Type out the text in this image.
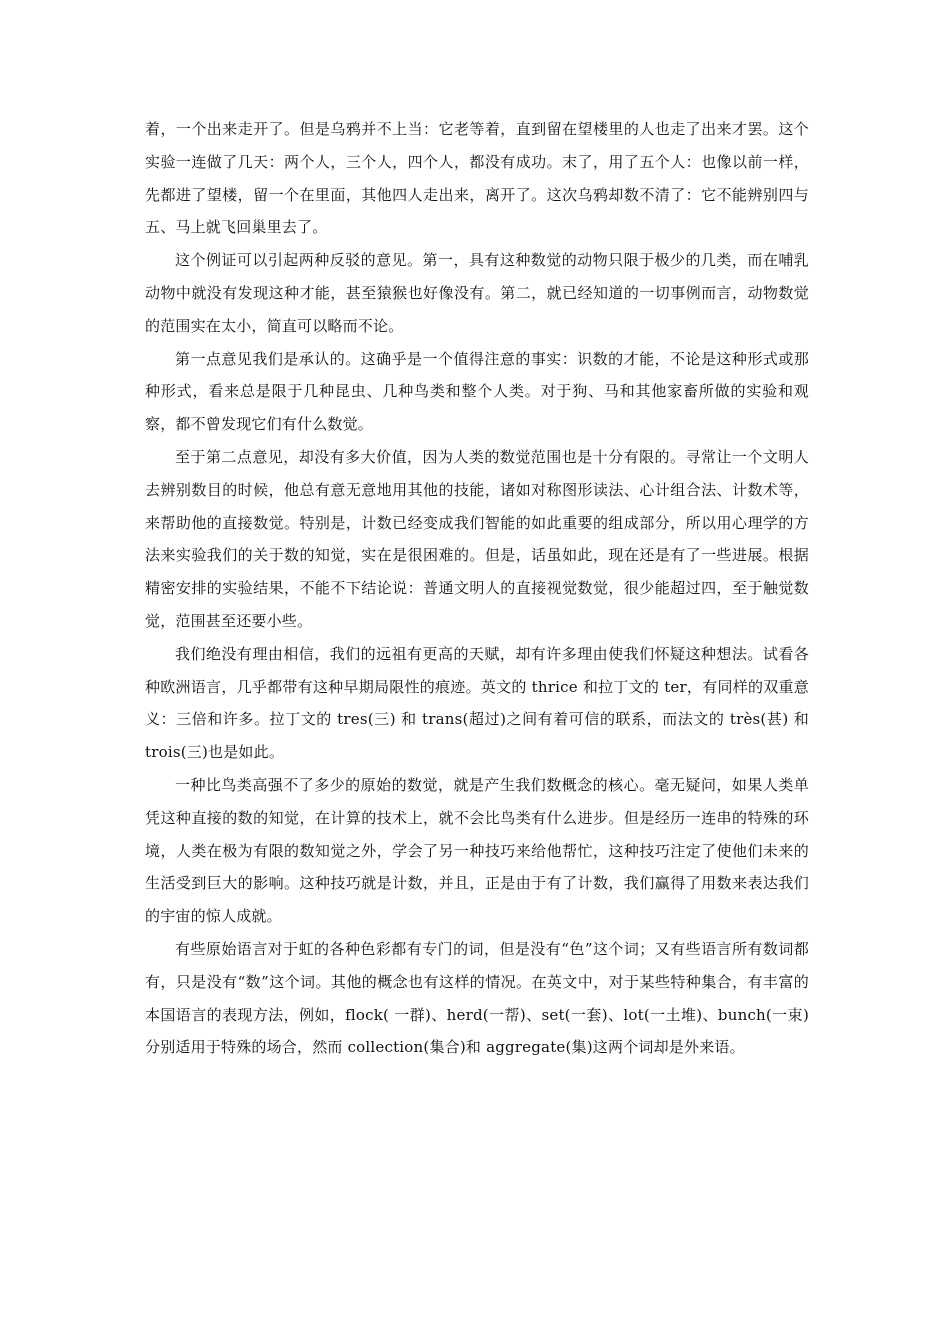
着，一个出来走开了。但是乌鸦并不上当：它老等着，直到留在望楼里的人也走了出来才罢。这个实验一连做了几天：两个人，三个人，四个人，都没有成功。末了，用了五个人：也像以前一样，先都进了望楼，留一个在里面，其他四人走出来，离开了。这次乌鸦却数不清了：它不能辨别四与五、马上就飞回巢里去了。

这个例证可以引起两种反驳的意见。第一，具有这种数觉的动物只限于极少的几类，而在哺乳动物中就没有发现这种才能，甚至猿猴也好像没有。第二，就已经知道的一切事例而言，动物数觉的范围实在太小，简直可以略而不论。

第一点意见我们是承认的。这确乎是一个值得注意的事实：识数的才能，不论是这种形式或那种形式，看来总是限于几种昆虫、几种鸟类和整个人类。对于狗、马和其他家畜所做的实验和观察，都不曾发现它们有什么数觉。

至于第二点意见，却没有多大价值，因为人类的数觉范围也是十分有限的。寻常让一个文明人去辨别数目的时候，他总有意无意地用其他的技能，诸如对称图形读法、心计组合法、计数术等，来帮助他的直接数觉。特别是，计数已经变成我们智能的如此重要的组成部分，所以用心理学的方法来实验我们的关于数的知觉，实在是很困难的。但是，话虽如此，现在还是有了一些进展。根据精密安排的实验结果，不能不下结论说：普通文明人的直接视觉数觉，很少能超过四，至于触觉数觉，范围甚至还要小些。

我们绝没有理由相信，我们的远祖有更高的天赋，却有许多理由使我们怀疑这种想法。试看各种欧洲语言，几乎都带有这种早期局限性的痕迹。英文的 thrice 和拉丁文的 ter，有同样的双重意义：三倍和许多。拉丁文的 tres(三) 和 trans(超过)之间有着可信的联系，而法文的 très(甚) 和 trois(三)也是如此。

一种比鸟类高强不了多少的原始的数觉，就是产生我们数概念的核心。毫无疑问，如果人类单凭这种直接的数的知觉，在计算的技术上，就不会比鸟类有什么进步。但是经历一连串的特殊的环境，人类在极为有限的数知觉之外，学会了另一种技巧来给他帮忙，这种技巧注定了使他们未来的生活受到巨大的影响。这种技巧就是计数，并且，正是由于有了计数，我们赢得了用数来表达我们的宇宙的惊人成就。

有些原始语言对于虹的各种色彩都有专门的词，但是没有“色”这个词；又有些语言所有数词都有，只是没有“数”这个词。其他的概念也有这样的情况。在英文中，对于某些特种集合，有丰富的本国语言的表现方法，例如，flock( 一群)、herd(一帮)、set(一套)、lot(一土堆)、bunch(一束)分别适用于特殊的场合，然而 collection(集合)和 aggregate(集)这两个词却是外来语。
